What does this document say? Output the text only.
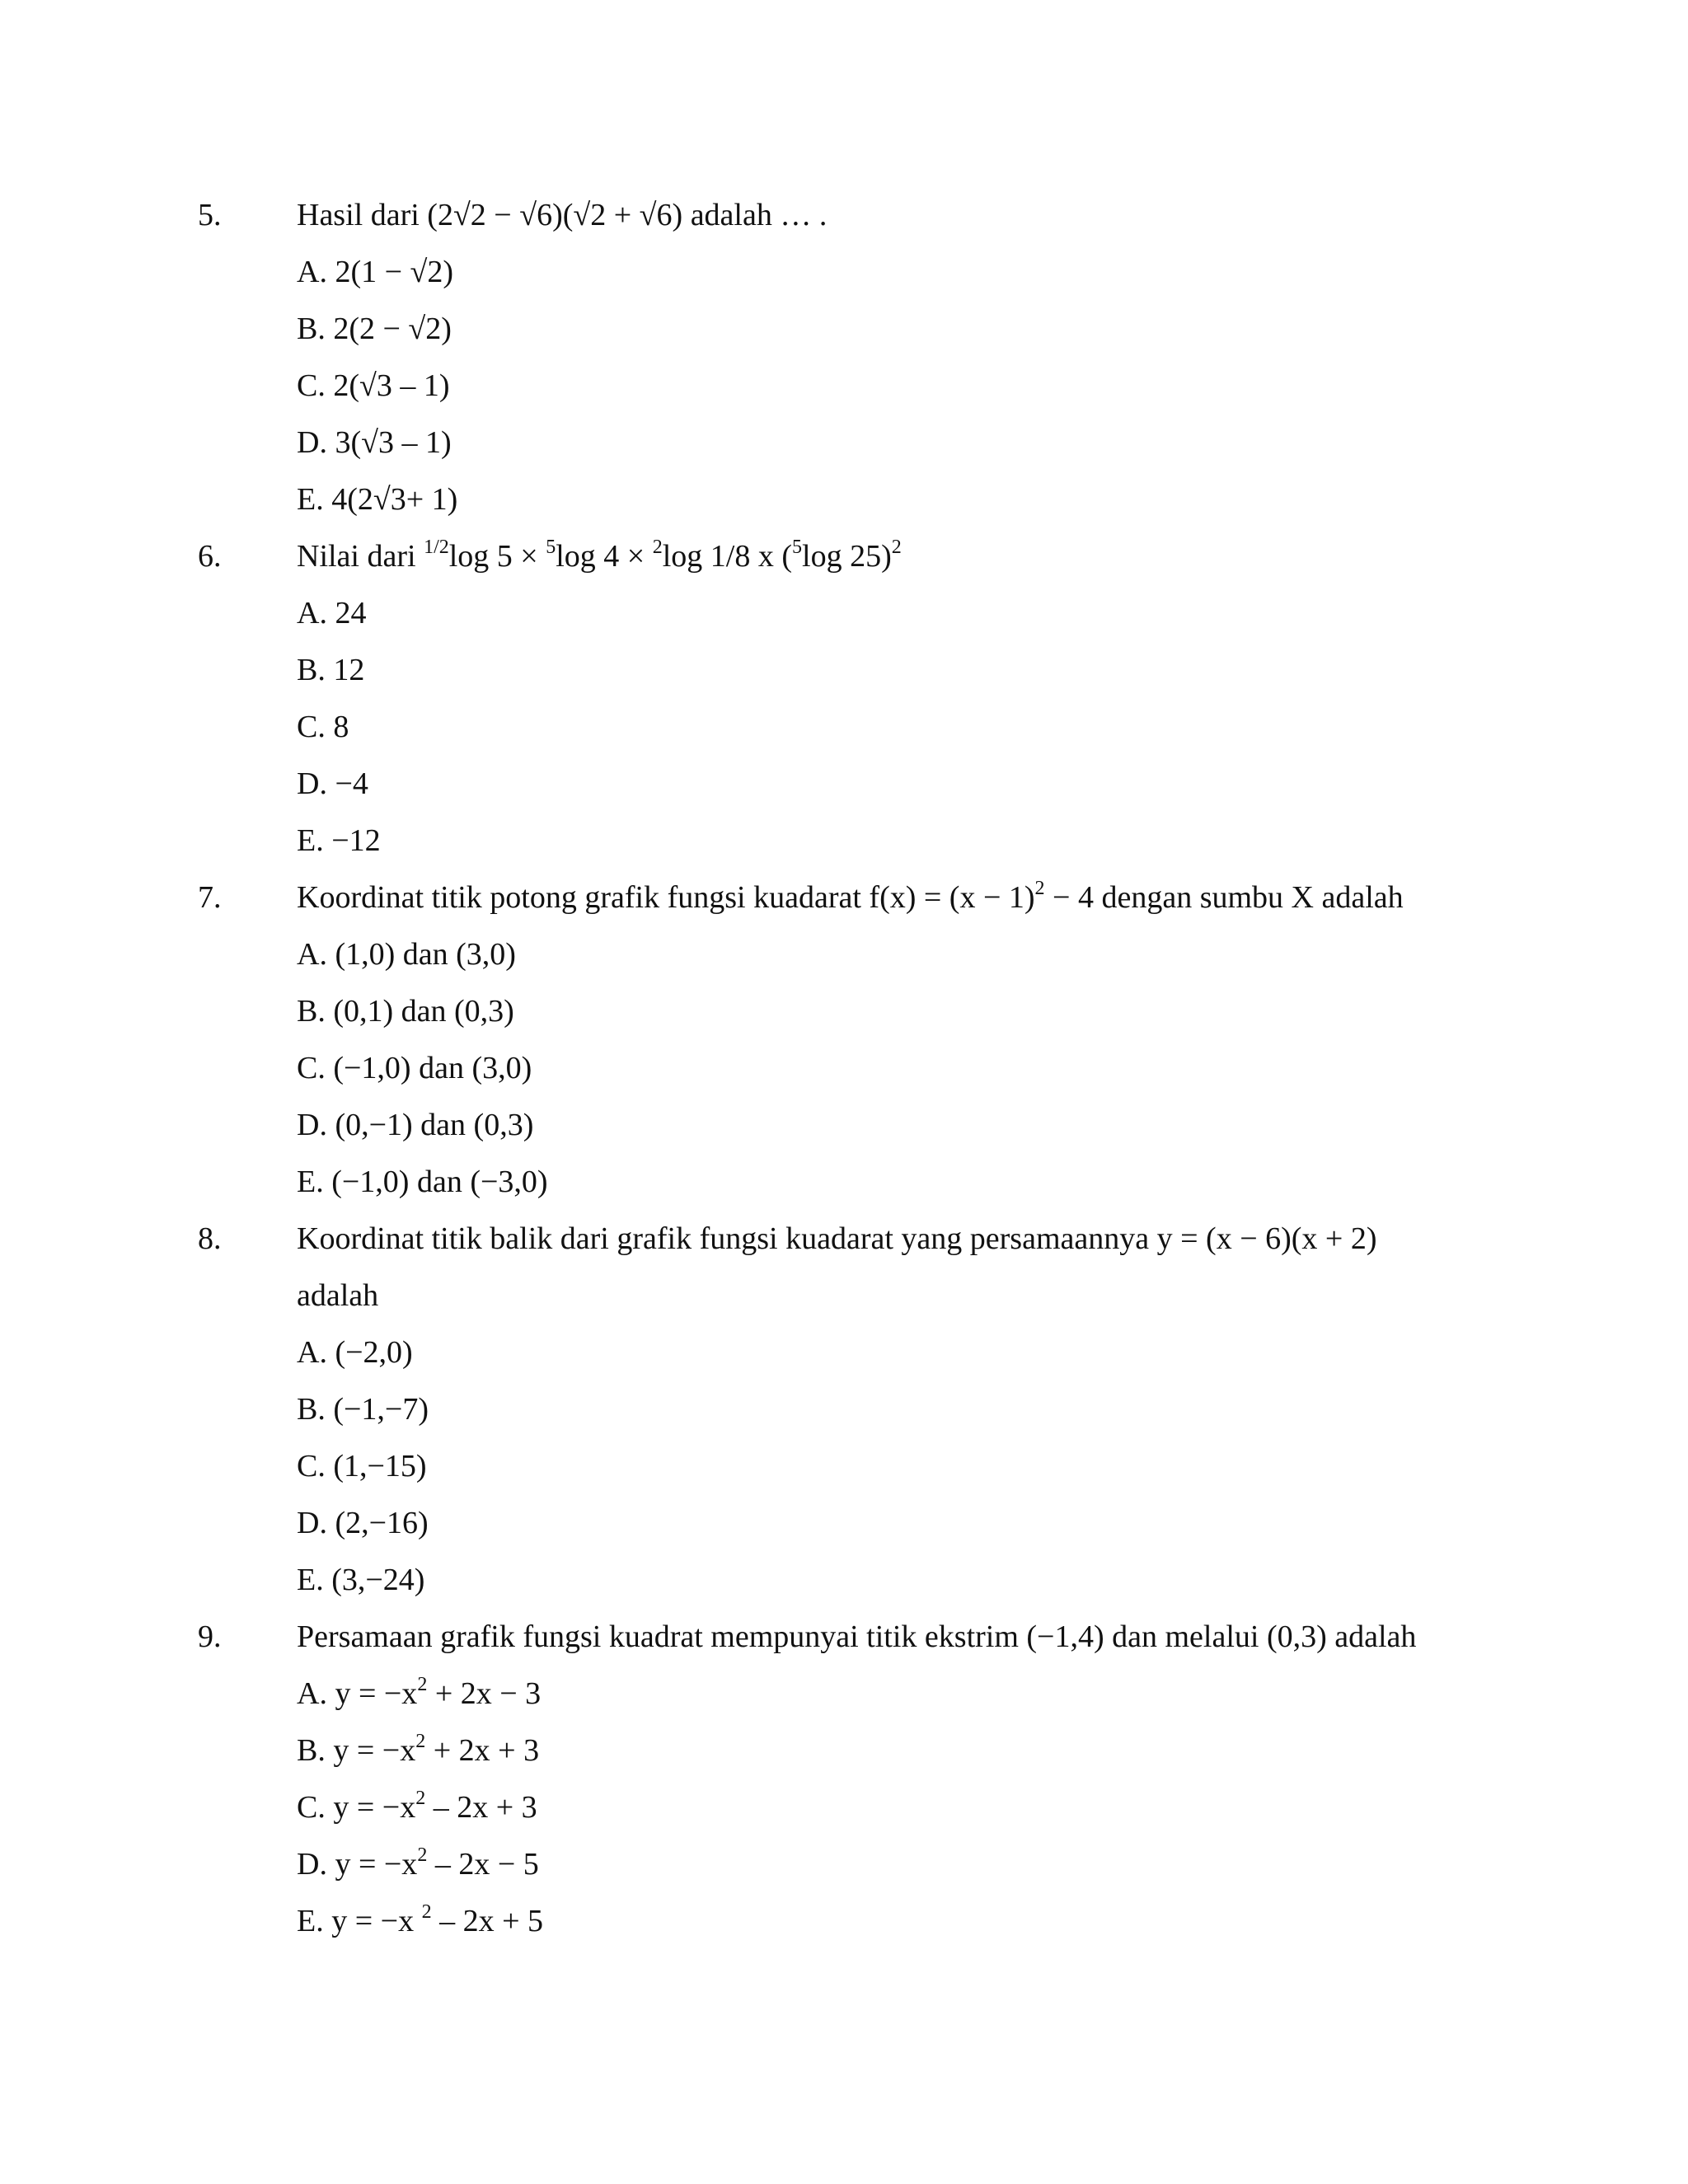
5. Hasil dari (2√2 − √6)(√2 + √6) adalah … .
A. 2(1 − √2)
B. 2(2 − √2)
C. 2(√3 – 1)
D. 3(√3 – 1)
E. 4(2√3+ 1)
6. Nilai dari $^{1/2}$log 5 × $^5$log 4 × $^2$log 1/8 x ($^5$log 25)$^2$
A. 24
B. 12
C. 8
D. −4
E. −12
7. Koordinat titik potong grafik fungsi kuadarat $f(x) = (x - 1)^2 - 4$ dengan sumbu X adalah
A. (1,0) dan (3,0)
B. (0,1) dan (0,3)
C. (−1,0) dan (3,0)
D. (0,−1) dan (0,3)
E. (−1,0) dan (−3,0)
8. Koordinat titik balik dari grafik fungsi kuadarat yang persamaannya y = (x − 6)(x + 2)
adalah
A. (−2,0)
B. (−1,−7)
C. (1,−15)
D. (2,−16)
E. (3,−24)
9. Persamaan grafik fungsi kuadrat mempunyai titik ekstrim (−1,4) dan melalui (0,3) adalah
A. $y = -x^2 + 2x - 3$
B. $y = -x^2 + 2x + 3$
C. $y = -x^2 - 2x + 3$
D. $y = -x^2 - 2x - 5$
E. y = −x $^2$ – 2x + 5
